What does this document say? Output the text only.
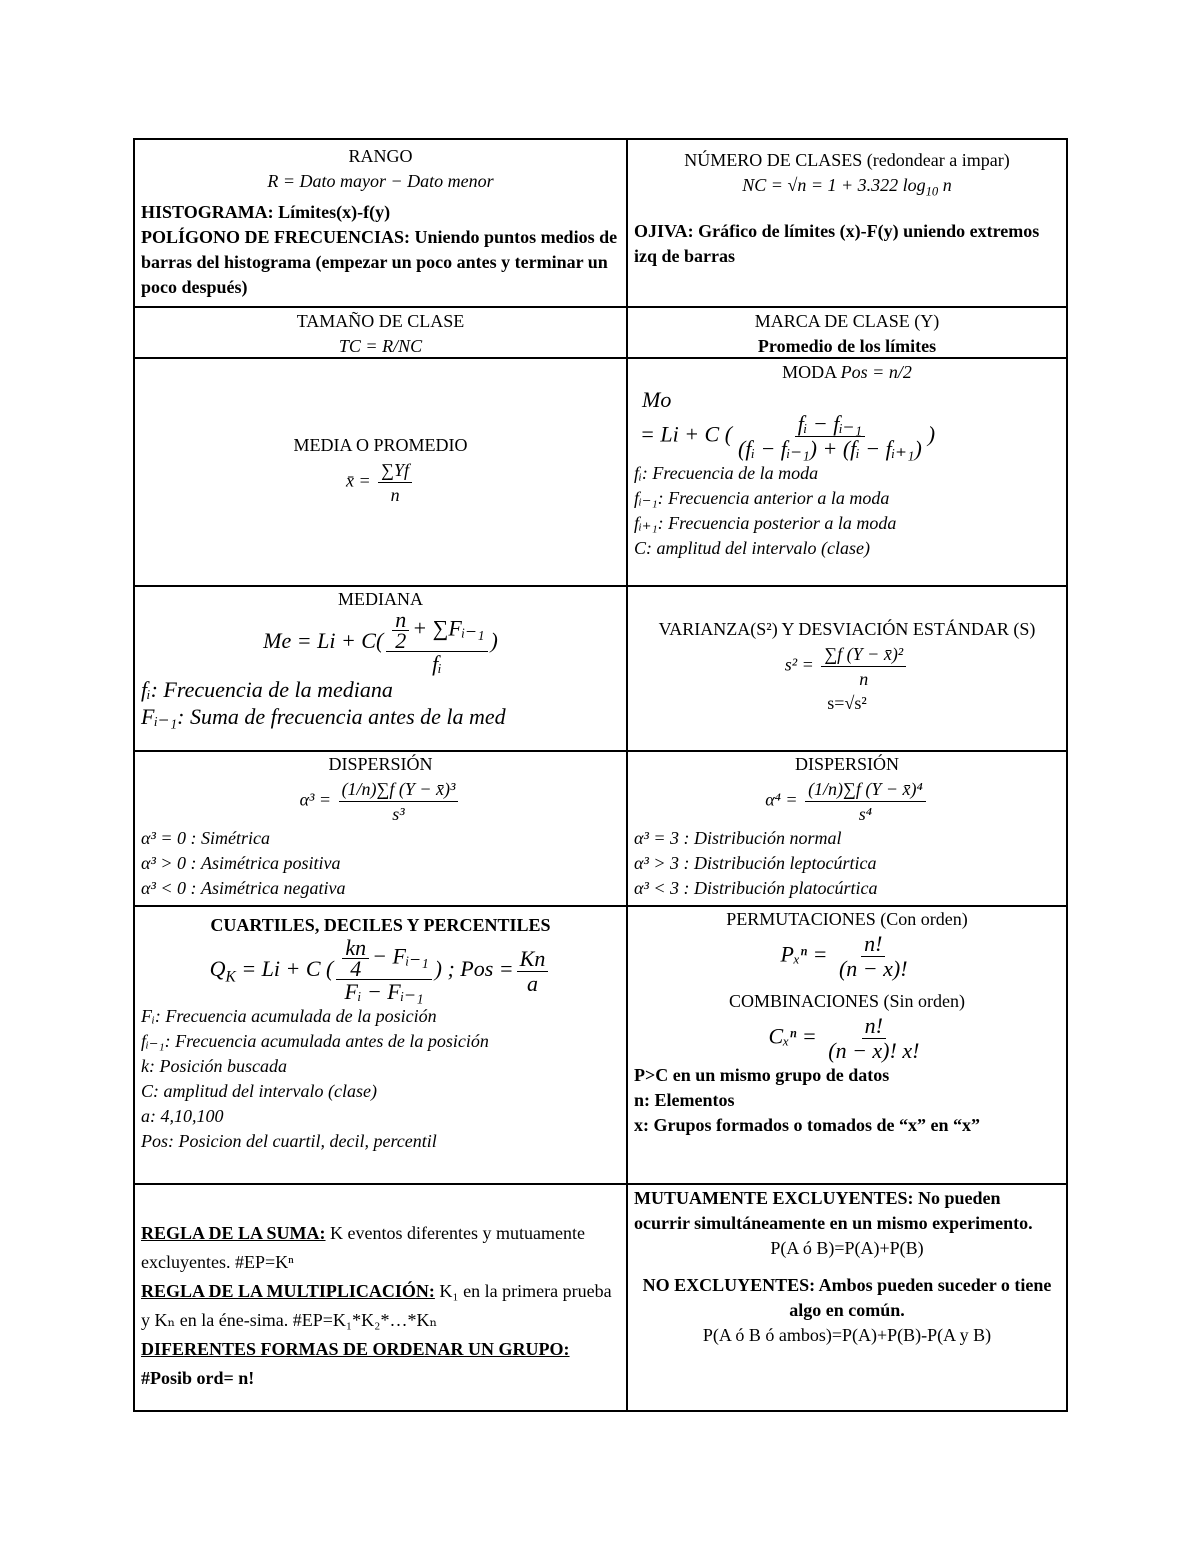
RANGO
R = Dato mayor − Dato menor
HISTOGRAMA: Límites(x)-f(y)
POLÍGONO DE FRECUENCIAS: Uniendo puntos medios de barras del histograma (empezar un poco antes y terminar un poco después)
NÚMERO DE CLASES (redondear a impar)
NC = √n = 1 + 3.322 $\log_{10} n$
OJIVA: Gráfico de límites (x)-F(y) uniendo extremos izq de barras
TAMAÑO DE CLASE
TC = R/NC
MARCA DE CLASE (Y)
Promedio de los límites
MEDIA O PROMEDIO
x̄ = $\frac{\sum Yf}{n}$
MODA Pos = n/2
Mo
= Li + C ( $\frac{\text{fᵢ − fᵢ₋₁}}{\text{(fᵢ − fᵢ₋₁) + (fᵢ − fᵢ₊₁)}}$ )
fᵢ: Frecuencia de la moda
fᵢ₋₁: Frecuencia anterior a la moda
fᵢ₊₁: Frecuencia posterior a la moda
C: amplitud del intervalo (clase)
MEDIANA
$Me = Li + C( \frac{\frac{n}{2} + \sum Fᵢ_{-1}}{\text{fᵢ}}$ )
fᵢ: Frecuencia de la mediana
Fᵢ₋₁: Suma de frecuencia antes de la med
VARIANZA(S²) Y DESVIACIÓN ESTÁNDAR (S)
$s^2 = \frac{\text{∑f (Y − x̄)²}}{n}$
s=√s²
DISPERSIÓN
$\alpha^3 = \frac{\text{(1/n)∑f (Y − x̄)³}}{\text{s³}}$
α³ = 0 : Simétrica
α³ > 0 : Asimétrica positiva
α³ < 0 : Asimétrica negativa
DISPERSIÓN
$\alpha^4 = \frac{\text{(1/n)∑f (Y − x̄)⁴}}{\text{s⁴}}$
α³ = 3 : Distribución normal
α³ > 3 : Distribución leptocúrtica
α³ < 3 : Distribución platocúrtica
CUARTILES, DECILES Y PERCENTILES
$Q_K = Li + C$ ( $\frac{\frac{kn}{4} - Fᵢ_{-1}}{\text{Fᵢ − Fᵢ₋₁}}$ ) ; Pos = $\frac{Kn}{a}$
Fᵢ: Frecuencia acumulada de la posición
fᵢ₋₁: Frecuencia acumulada antes de la posición
k: Posición buscada
C: amplitud del intervalo (clase)
a: 4,10,100
Pos: Posicion del cuartil, decil, percentil
PERMUTACIONES (Con orden)
$P_x^n = \frac{n!}{(n - x)!}$
COMBINACIONES (Sin orden)
$C_x^n = \frac{n!}{(n - x)! x!}$
P>C en un mismo grupo de datos
n: Elementos
x: Grupos formados o tomados de “x” en “x”
REGLA DE LA SUMA: K eventos diferentes y mutuamente excluyentes. #EP=Kⁿ
REGLA DE LA MULTIPLICACIÓN: K₁ en la primera prueba y Kₙ en la éne-sima. #EP=K₁*K₂*…*Kₙ
DIFERENTES FORMAS DE ORDENAR UN GRUPO:
#Posib ord= n!
MUTUAMENTE EXCLUYENTES: No pueden ocurrir simultáneamente en un mismo experimento.
P(A ó B)=P(A)+P(B)
NO EXCLUYENTES: Ambos pueden suceder o tiene algo en común.
P(A ó B ó ambos)=P(A)+P(B)-P(A y B)
